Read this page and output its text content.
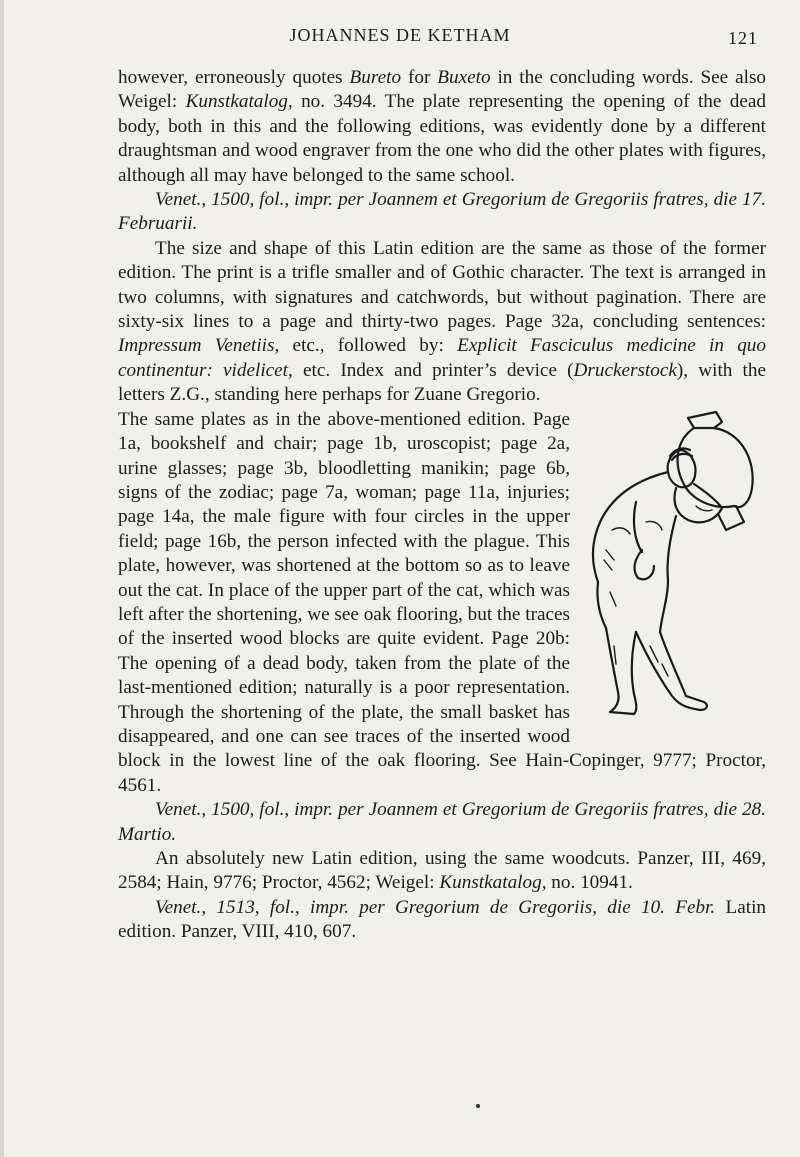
JOHANNES DE KETHAM	121

however, erroneously quotes Bureto for Buxeto in the concluding words. See also Weigel: Kunstkatalog, no. 3494. The plate representing the opening of the dead body, both in this and the following editions, was evidently done by a different draughtsman and wood engraver from the one who did the other plates with figures, although all may have belonged to the same school.

Venet., 1500, fol., impr. per Joannem et Gregorium de Gregoriis fratres, die 17. Februarii.

The size and shape of this Latin edition are the same as those of the former edition. The print is a trifle smaller and of Gothic character. The text is arranged in two columns, with signatures and catchwords, but without pagination. There are sixty-six lines to a page and thirty-two pages. Page 32a, concluding sentences: Impressum Venetiis, etc., followed by: Explicit Fasciculus medicine in quo continentur: videlicet, etc. Index and printer’s device (Druckerstock), with the letters Z.G., standing here perhaps for Zuane Gregorio.

The same plates as in the above-mentioned edition. Page 1a, bookshelf and chair; page 1b, uroscopist; page 2a, urine glasses; page 3b, bloodletting manikin; page 6b, signs of the zodiac; page 7a, woman; page 11a, injuries; page 14a, the male figure with four circles in the upper field; page 16b, the person infected with the plague. This plate, however, was shortened at the bottom so as to leave out the cat. In place of the upper part of the cat, which was left after the shortening, we see oak flooring, but the traces of the inserted wood blocks are quite evident. Page 20b: The opening of a dead body, taken from the plate of the last-mentioned edition; naturally is a poor representation. Through the shortening of the plate, the small basket has disappeared, and one can see traces of the inserted wood block in the lowest line of the oak flooring. See Hain-Copinger, 9777; Proctor, 4561.

Venet., 1500, fol., impr. per Joannem et Gregorium de Gregoriis fratres, die 28. Martio.

An absolutely new Latin edition, using the same woodcuts. Panzer, III, 469, 2584; Hain, 9776; Proctor, 4562; Weigel: Kunstkatalog, no. 10941.

Venet., 1513, fol., impr. per Gregorium de Gregoriis, die 10. Febr. Latin edition. Panzer, VIII, 410, 607.
